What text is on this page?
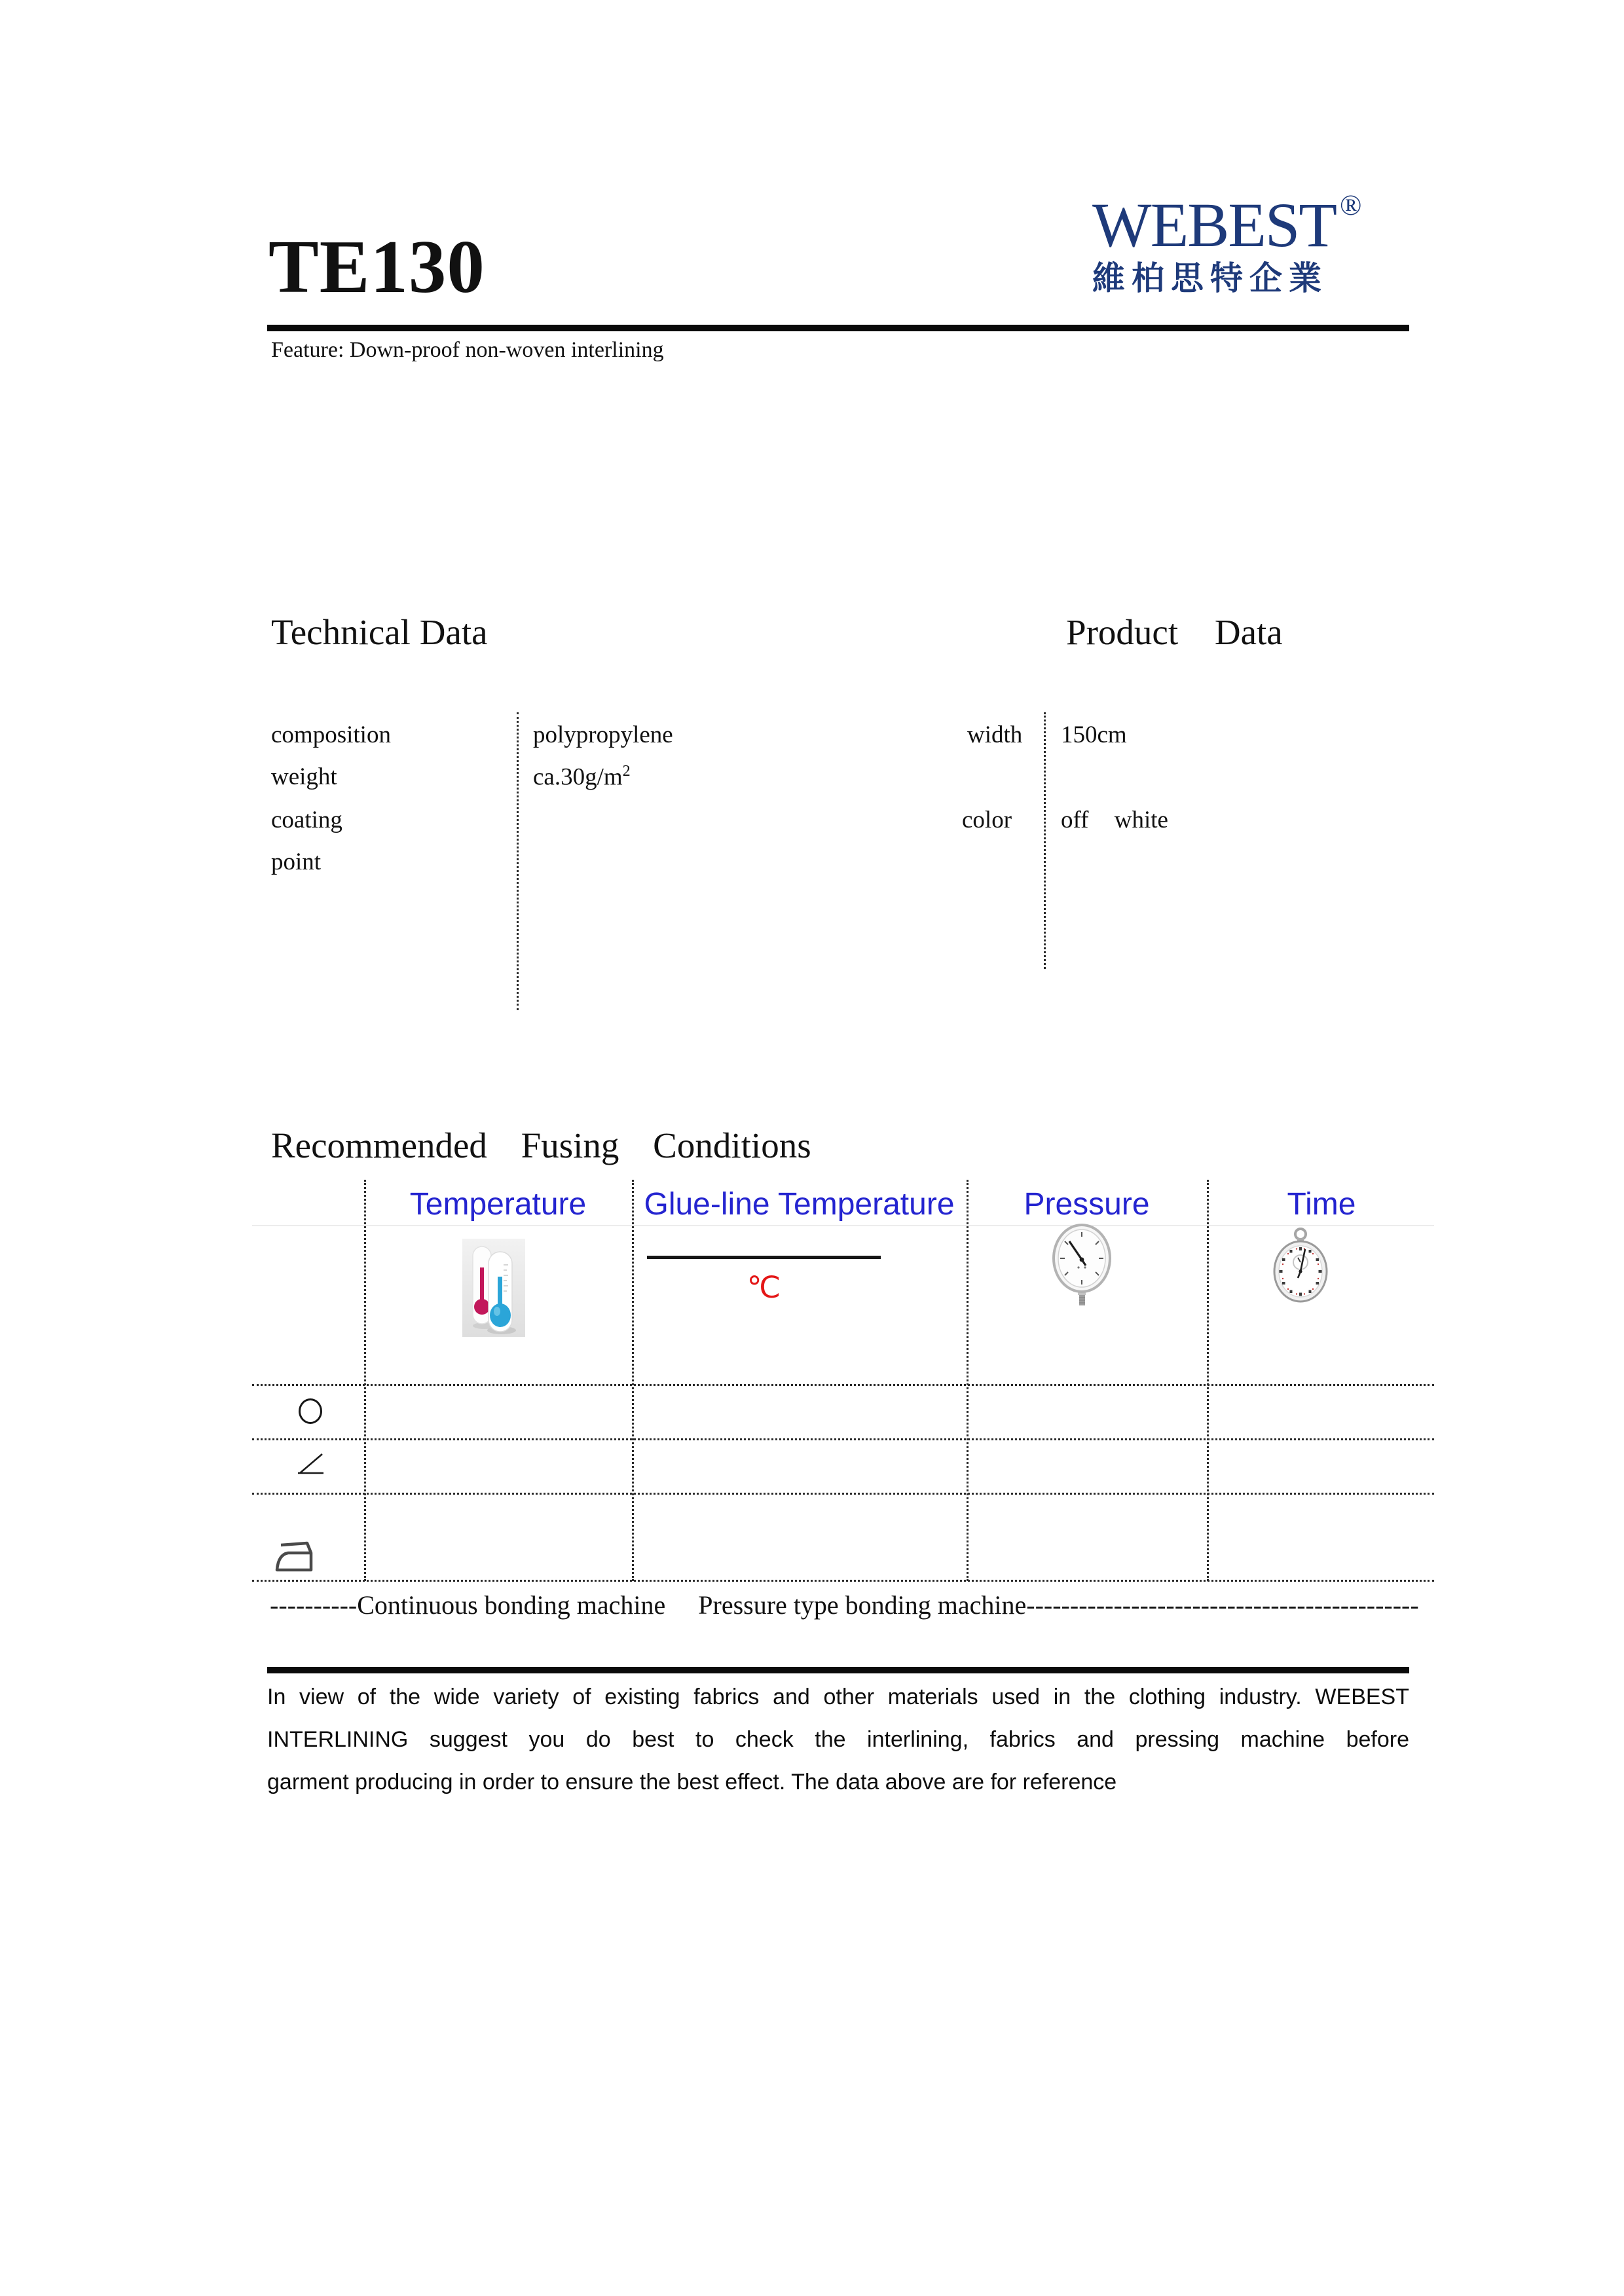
TE130
WEBEST ®
維柏思特企業
Feature: Down-proof non-woven interlining
Technical Data	Product Data
composition	polypropylene
weight	$ca.30g/m^2$
coating
point
width 150cm
color off white
Recommended Fusing Conditions
Temperature	Glue-line Temperature	Pressure	Time
℃
----------Continuous bonding machine     Pressure type bonding machine---------------------------------------------
In view of the wide variety of existing fabrics and other materials used in the clothing industry. WEBEST
INTERLINING suggest you do best to check the interlining, fabrics and pressing machine before
garment producing in order to ensure the best effect. The data above are for reference
